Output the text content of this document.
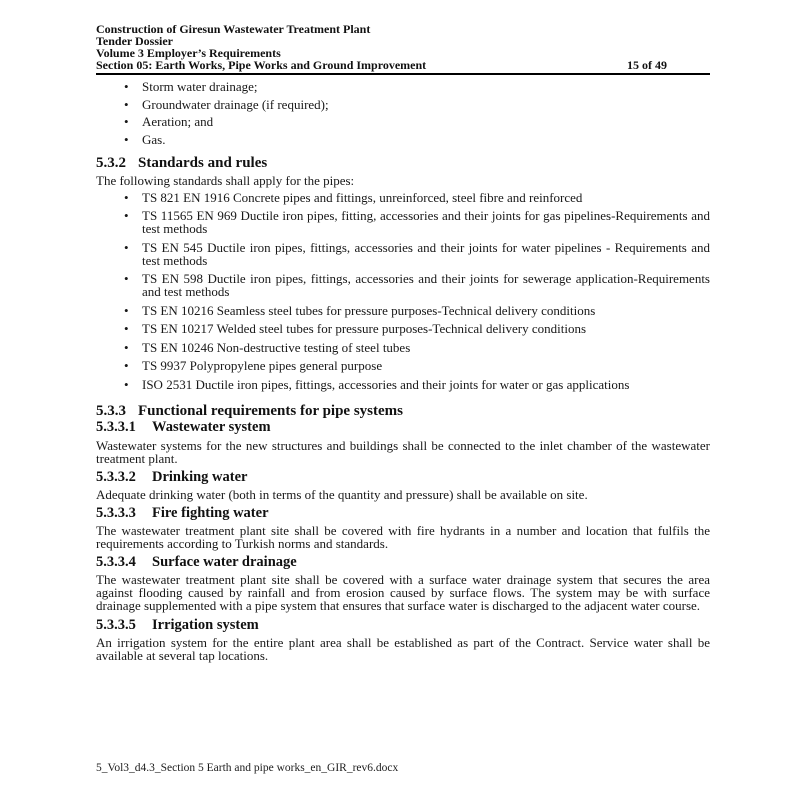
Construction of Giresun Wastewater Treatment Plant
Tender Dossier
Volume 3 Employer’s Requirements
Section 05: Earth Works, Pipe Works and Ground Improvement	15 of 49
•	Storm water drainage;
•	Groundwater drainage (if required);
•	Aeration; and
•	Gas.
5.3.2 Standards and rules

The following standards shall apply for the pipes:

•	TS 821 EN 1916 Concrete pipes and fittings, unreinforced, steel fibre and reinforced
•	TS 11565 EN 969 Ductile iron pipes, fitting, accessories and their joints for gas pipelines-Requirements and test methods
•	TS EN 545 Ductile iron pipes, fittings, accessories and their joints for water pipelines - Requirements and test methods
•	TS EN 598 Ductile iron pipes, fittings, accessories and their joints for sewerage application-Requirements and test methods
•	TS EN 10216 Seamless steel tubes for pressure purposes-Technical delivery conditions
•	TS EN 10217 Welded steel tubes for pressure purposes-Technical delivery conditions
•	TS EN 10246 Non-destructive testing of steel tubes
•	TS 9937 Polypropylene pipes general purpose
•	ISO 2531 Ductile iron pipes, fittings, accessories and their joints for water or gas applications
5.3.3 Functional requirements for pipe systems
5.3.3.1	Wastewater system

Wastewater systems for the new structures and buildings shall be connected to the inlet chamber of the wastewater treatment plant.

5.3.3.2	Drinking water

Adequate drinking water (both in terms of the quantity and pressure) shall be available on site.

5.3.3.3	Fire fighting water

The wastewater treatment plant site shall be covered with fire hydrants in a number and location that fulfils the requirements according to Turkish norms and standards.

5.3.3.4	Surface water drainage

The wastewater treatment plant site shall be covered with a surface water drainage system that secures the area against flooding caused by rainfall and from erosion caused by surface flows. The system may be with surface drainage supplemented with a pipe system that ensures that surface water is discharged to the adjacent water course.

5.3.3.5	Irrigation system

An irrigation system for the entire plant area shall be established as part of the Contract. Service water shall be available at several tap locations.

5_Vol3_d4.3_Section 5 Earth and pipe works_en_GIR_rev6.docx
